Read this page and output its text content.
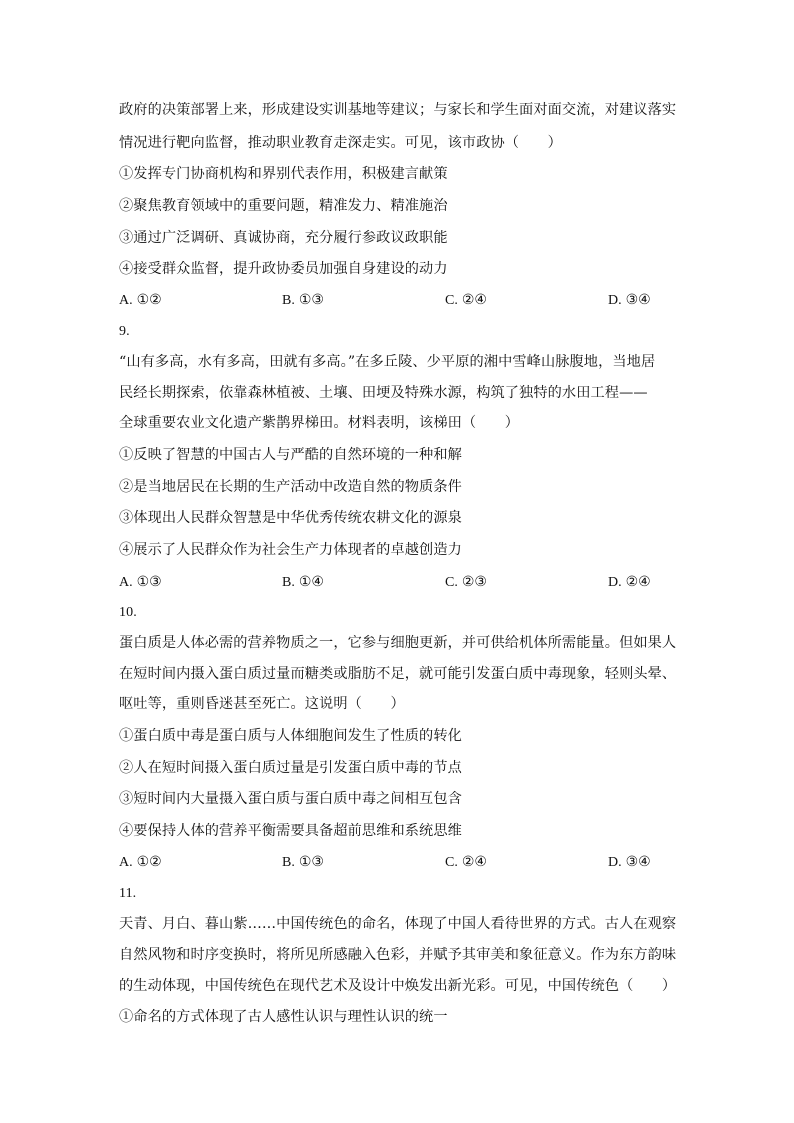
政府的决策部署上来，形成建设实训基地等建议；与家长和学生面对面交流，对建议落实
情况进行靶向监督，推动职业教育走深走实。可见，该市政协（　　）
①发挥专门协商机构和界别代表作用，积极建言献策
②聚焦教育领域中的重要问题，精准发力、精准施治
③通过广泛调研、真诚协商，充分履行参政议政职能
④接受群众监督，提升政协委员加强自身建设的动力
A. ①②	B. ①③	C. ②④	D. ③④
9.
“山有多高，水有多高，田就有多高。”在多丘陵、少平原的湘中雪峰山脉腹地，当地居
民经长期探索，依靠森林植被、土壤、田埂及特殊水源，构筑了独特的水田工程——
全球重要农业文化遗产紫鹊界梯田。材料表明，该梯田（　　）
①反映了智慧的中国古人与严酷的自然环境的一种和解
②是当地居民在长期的生产活动中改造自然的物质条件
③体现出人民群众智慧是中华优秀传统农耕文化的源泉
④展示了人民群众作为社会生产力体现者的卓越创造力
A. ①③	B. ①④	C. ②③	D. ②④
10.
蛋白质是人体必需的营养物质之一，它参与细胞更新，并可供给机体所需能量。但如果人
在短时间内摄入蛋白质过量而糖类或脂肪不足，就可能引发蛋白质中毒现象，轻则头晕、
呕吐等，重则昏迷甚至死亡。这说明（　　）
①蛋白质中毒是蛋白质与人体细胞间发生了性质的转化
②人在短时间摄入蛋白质过量是引发蛋白质中毒的节点
③短时间内大量摄入蛋白质与蛋白质中毒之间相互包含
④要保持人体的营养平衡需要具备超前思维和系统思维
A. ①②	B. ①③	C. ②④	D. ③④
11.
天青、月白、暮山紫……中国传统色的命名，体现了中国人看待世界的方式。古人在观察
自然风物和时序变换时，将所见所感融入色彩，并赋予其审美和象征意义。作为东方韵味
的生动体现，中国传统色在现代艺术及设计中焕发出新光彩。可见，中国传统色（　　）
①命名的方式体现了古人感性认识与理性认识的统一
